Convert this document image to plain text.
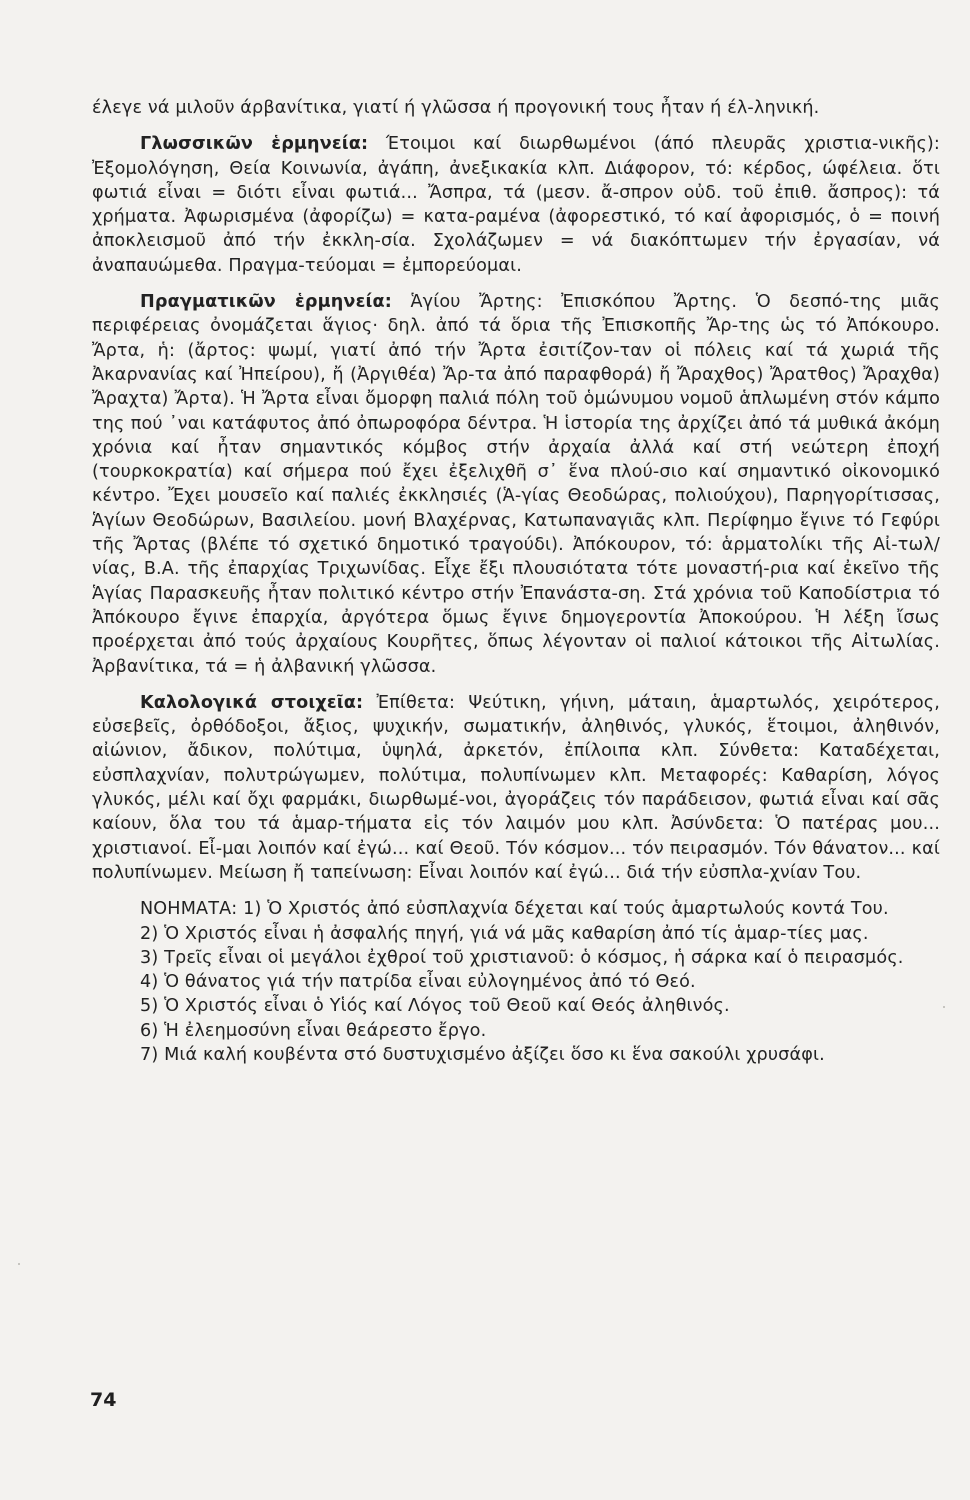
έλεγε νά μιλοῦν άρβανίτικα, γιατί ή γλῶσσα ή προγονική τους ἦταν ή έλ-ληνική.

Γλωσσικῶν ἑρμηνεία: Έτοιμοι καί διωρθωμένοι (άπό πλευρᾶς χριστια-νικῆς): Ἐξομολόγηση, Θεία Κοινωνία, ἀγάπη, ἀνεξικακία κλπ. Διάφορον, τό: κέρδος, ώφέλεια. ὅτι φωτιά εἶναι = διότι εἶναι φωτιά... Ἄσπρα, τά (μεσν. ἄ-σπρον οὐδ. τοῦ ἐπιθ. ἄσπρος): τά χρήματα. Ἀφωρισμένα (ἀφορίζω) = κατα-ραμένα (ἀφορεστικό, τό καί ἀφορισμός, ὁ = ποινή ἀποκλεισμοῦ ἀπό τήν ἐκκλη-σία. Σχολάζωμεν = νά διακόπτωμεν τήν ἐργασίαν, νά ἀναπαυώμεθα. Πραγμα-τεύομαι = ἐμπορεύομαι.

Πραγματικῶν ἑρμηνεία: Ἁγίου Ἄρτης: Ἐπισκόπου Ἄρτης. Ὁ δεσπό-της μιᾶς περιφέρειας ὀνομάζεται ἅγιος· δηλ. ἀπό τά ὅρια τῆς Ἐπισκοπῆς Ἄρ-της ὡς τό Ἀπόκουρο. Ἄρτα, ἡ: (ἄρτος: ψωμί, γιατί ἀπό τήν Ἄρτα ἐσιτίζον-ταν οἱ πόλεις καί τά χωριά τῆς Ἀκαρνανίας καί Ἠπείρου), ἤ (Ἀργιθέα) Ἄρ-τα ἀπό παραφθορά) ἤ Ἄραχθος) Ἄρατθος) Ἄραχθα) Ἄραχτα) Ἄρτα). Ἡ Ἄρτα εἶναι ὄμορφη παλιά πόλη τοῦ ὁμώνυμου νομοῦ ἁπλωμένη στόν κάμπο της πού ᾿ναι κατάφυτος ἀπό ὀπωροφόρα δέντρα. Ἡ ἱστορία της ἀρχίζει ἀπό τά μυθικά ἀκόμη χρόνια καί ἦταν σημαντικός κόμβος στήν ἀρχαία ἀλλά καί στή νεώτερη ἐποχή (τουρκοκρατία) καί σήμερα πού ἔχει ἐξελιχθῆ σ᾿ ἕνα πλού-σιο καί σημαντικό οἰκονομικό κέντρο. Ἔχει μουσεῖο καί παλιές ἐκκλησιές (Ἁ-γίας Θεοδώρας, πολιούχου), Παρηγορίτισσας, Ἁγίων Θεοδώρων, Βασιλείου. μονή Βλαχέρνας, Κατωπαναγιᾶς κλπ. Περίφημο ἔγινε τό Γεφύρι τῆς Ἄρτας (βλέπε τό σχετικό δημοτικό τραγούδι). Ἀπόκουρον, τό: ἁρματολίκι τῆς Αἰ-τωλ/νίας, Β.Α. τῆς ἐπαρχίας Τριχωνίδας. Εἶχε ἔξι πλουσιότατα τότε μοναστή-ρια καί ἐκεῖνο τῆς Ἁγίας Παρασκευῆς ἦταν πολιτικό κέντρο στήν Ἐπανάστα-ση. Στά χρόνια τοῦ Καποδίστρια τό Ἀπόκουρο ἔγινε ἐπαρχία, ἀργότερα ὅμως ἔγινε δημογεροντία Ἀποκούρου. Ἡ λέξη ἴσως προέρχεται ἀπό τούς ἀρχαίους Κουρῆτες, ὅπως λέγονταν οἱ παλιοί κάτοικοι τῆς Αἰτωλίας. Ἀρβανίτικα, τά = ἡ ἀλβανική γλῶσσα.

Καλολογικά στοιχεῖα: Ἐπίθετα: Ψεύτικη, γήινη, μάταιη, ἁμαρτωλός, χειρότερος, εὐσεβεῖς, ὀρθόδοξοι, ἄξιος, ψυχικήν, σωματικήν, ἀληθινός, γλυκός, ἕτοιμοι, ἀληθινόν, αἰώνιον, ἄδικον, πολύτιμα, ὑψηλά, ἀρκετόν, ἐπίλοιπα κλπ. Σύνθετα: Καταδέχεται, εὐσπλαχνίαν, πολυτρώγωμεν, πολύτιμα, πολυπίνωμεν κλπ. Μεταφορές: Καθαρίση, λόγος γλυκός, μέλι καί ὄχι φαρμάκι, διωρθωμέ-νοι, ἀγοράζεις τόν παράδεισον, φωτιά εἶναι καί σᾶς καίουν, ὅλα του τά ἁμαρ-τήματα εἰς τόν λαιμόν μου κλπ. Ἀσύνδετα: Ὁ πατέρας μου... χριστιανοί. Εἶ-μαι λοιπόν καί ἐγώ... καί Θεοῦ. Τόν κόσμον... τόν πειρασμόν. Τόν θάνατον... καί πολυπίνωμεν. Μείωση ἤ ταπείνωση: Εἶναι λοιπόν καί ἐγώ... διά τήν εὐσπλα-χνίαν Του.

ΝΟΗΜΑΤΑ: 1) Ὁ Χριστός ἀπό εὐσπλαχνία δέχεται καί τούς ἁμαρτωλούς κοντά Του.

2) Ὁ Χριστός εἶναι ἡ ἀσφαλής πηγή, γιά νά μᾶς καθαρίση ἀπό τίς ἁμαρ-τίες μας.

3) Τρεῖς εἶναι οἱ μεγάλοι ἐχθροί τοῦ χριστιανοῦ: ὁ κόσμος, ἡ σάρκα καί ὁ πειρασμός.

4) Ὁ θάνατος γιά τήν πατρίδα εἶναι εὐλογημένος ἀπό τό Θεό.

5) Ὁ Χριστός εἶναι ὁ Υἱός καί Λόγος τοῦ Θεοῦ καί Θεός ἀληθινός.

6) Ἡ ἐλεημοσύνη εἶναι θεάρεστο ἔργο.

7) Μιά καλή κουβέντα στό δυστυχισμένο ἀξίζει ὅσο κι ἕνα σακούλι χρυσάφι.

74
